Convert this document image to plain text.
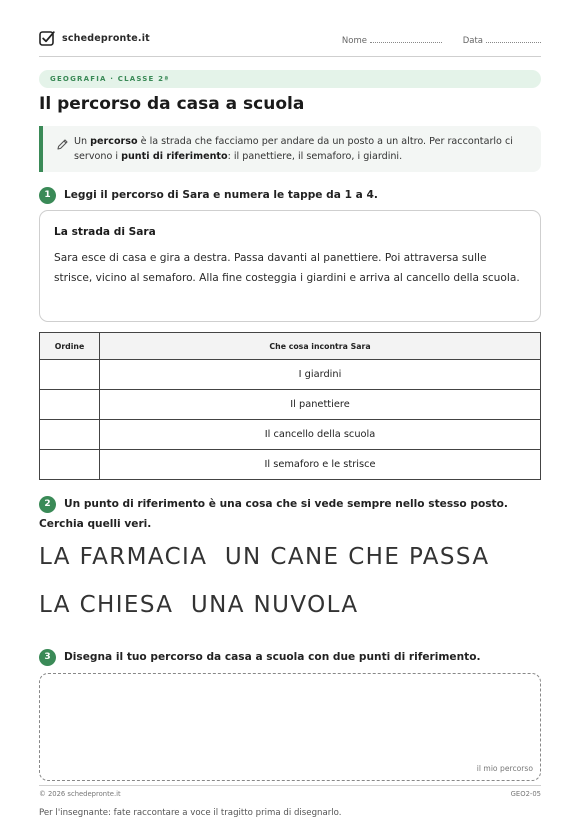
schedepronte.it	Nome	Data
GEOGRAFIA · CLASSE 2ª
Il percorso da casa a scuola
Un percorso è la strada che facciamo per andare da un posto a un altro. Per raccontarlo ci servono i punti di riferimento: il panettiere, il semaforo, i giardini.
1 Leggi il percorso di Sara e numera le tappe da 1 a 4.
La strada di Sara

Sara esce di casa e gira a destra. Passa davanti al panettiere. Poi attraversa sulle strisce, vicino al semaforo. Alla fine costeggia i giardini e arriva al cancello della scuola.

Ordine	Che cosa incontra Sara
	I giardini
	Il panettiere
	Il cancello della scuola
	Il semaforo e le strisce
2 Un punto di riferimento è una cosa che si vede sempre nello stesso posto. Cerchia quelli veri.
LA FARMACIA UN CANE CHE PASSA
LA CHIESA UNA NUVOLA
3 Disegna il tuo percorso da casa a scuola con due punti di riferimento.
il mio percorso
© 2026 schedepronte.it	GEO2-05
Per l'insegnante: fate raccontare a voce il tragitto prima di disegnarlo.
